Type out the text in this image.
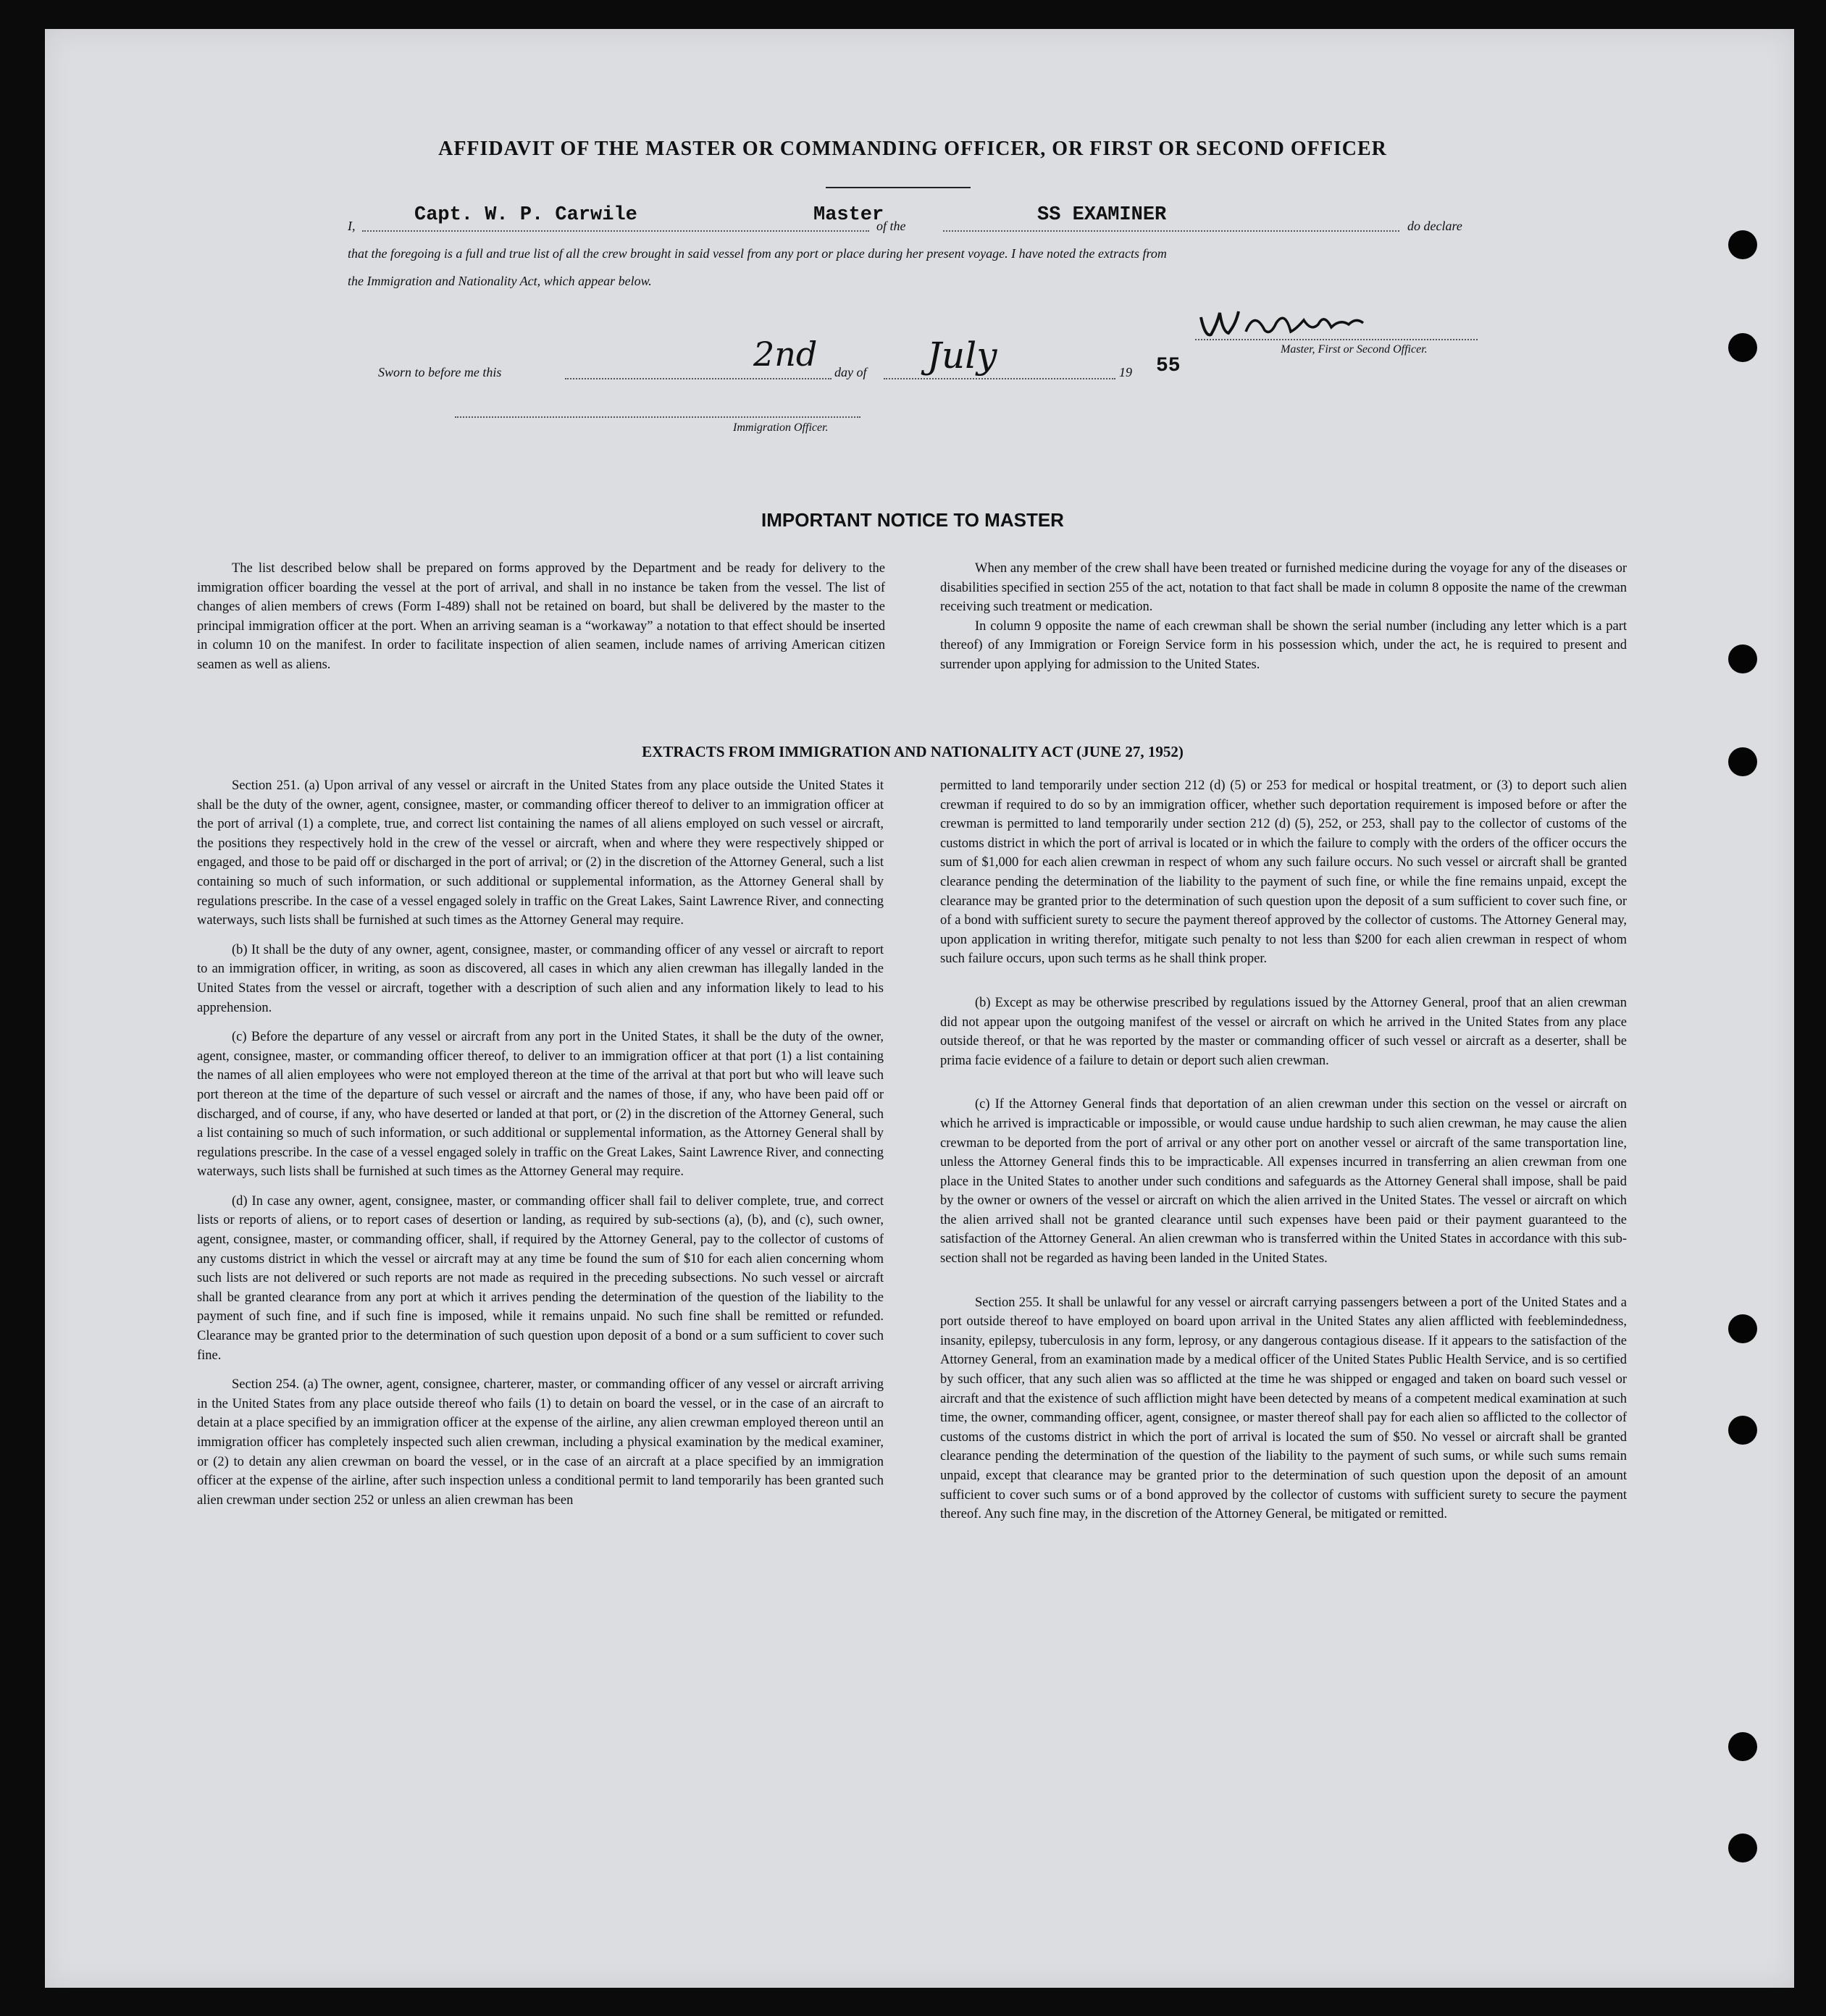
AFFIDAVIT OF THE MASTER OR COMMANDING OFFICER, OR FIRST OR SECOND OFFICER
I,	Capt. W. P. Carwile	Master
of the	SS EXAMINER	do declare
that the foregoing is a full and true list of all the crew brought in said vessel from any port or place during her present voyage. I have noted the extracts from
the Immigration and Nationality Act, which appear below.
Master, First or Second Officer.
Sworn to before me this	2nd day of July	19 55
Immigration Officer.
IMPORTANT NOTICE TO MASTER

The list described below shall be prepared on forms approved by the Department and be ready for delivery to the immigration officer boarding the vessel at the port of arrival, and shall in no instance be taken from the vessel. The list of changes of alien members of crews (Form I-489) shall not be retained on board, but shall be delivered by the master to the principal immigration officer at the port. When an arriving seaman is a “workaway” a notation to that effect should be inserted in column 10 on the manifest. In order to facilitate inspection of alien seamen, include names of arriving American citizen seamen as well as aliens.

When any member of the crew shall have been treated or furnished medicine during the voyage for any of the diseases or disabilities specified in section 255 of the act, notation to that fact shall be made in column 8 opposite the name of the crewman receiving such treatment or medication.

In column 9 opposite the name of each crewman shall be shown the serial number (including any letter which is a part thereof) of any Immigration or Foreign Service form in his possession which, under the act, he is required to present and surrender upon applying for admission to the United States.

EXTRACTS FROM IMMIGRATION AND NATIONALITY ACT (JUNE 27, 1952)

Section 251. (a) Upon arrival of any vessel or aircraft in the United States from any place outside the United States it shall be the duty of the owner, agent, consignee, master, or commanding officer thereof to deliver to an immigration officer at the port of arrival (1) a complete, true, and correct list containing the names of all aliens employed on such vessel or aircraft, the positions they respectively hold in the crew of the vessel or aircraft, when and where they were respectively shipped or engaged, and those to be paid off or discharged in the port of arrival; or (2) in the discretion of the Attorney General, such a list containing so much of such information, or such additional or supplemental information, as the Attorney General shall by regulations prescribe. In the case of a vessel engaged solely in traffic on the Great Lakes, Saint Lawrence River, and connecting waterways, such lists shall be furnished at such times as the Attorney General may require.

(b) It shall be the duty of any owner, agent, consignee, master, or commanding officer of any vessel or aircraft to report to an immigration officer, in writing, as soon as discovered, all cases in which any alien crewman has illegally landed in the United States from the vessel or aircraft, together with a description of such alien and any information likely to lead to his apprehension.

(c) Before the departure of any vessel or aircraft from any port in the United States, it shall be the duty of the owner, agent, consignee, master, or commanding officer thereof, to deliver to an immigration officer at that port (1) a list containing the names of all alien employees who were not employed thereon at the time of the arrival at that port but who will leave such port thereon at the time of the departure of such vessel or aircraft and the names of those, if any, who have been paid off or discharged, and of course, if any, who have deserted or landed at that port, or (2) in the discretion of the Attorney General, such a list containing so much of such information, or such additional or supplemental information, as the Attorney General shall by regulations prescribe. In the case of a vessel engaged solely in traffic on the Great Lakes, Saint Lawrence River, and connecting waterways, such lists shall be furnished at such times as the Attorney General may require.

(d) In case any owner, agent, consignee, master, or commanding officer shall fail to deliver complete, true, and correct lists or reports of aliens, or to report cases of desertion or landing, as required by sub-sections (a), (b), and (c), such owner, agent, consignee, master, or commanding officer, shall, if required by the Attorney General, pay to the collector of customs of any customs district in which the vessel or aircraft may at any time be found the sum of $10 for each alien concerning whom such lists are not delivered or such reports are not made as required in the preceding subsections. No such vessel or aircraft shall be granted clearance from any port at which it arrives pending the determination of the question of the liability to the payment of such fine, and if such fine is imposed, while it remains unpaid. No such fine shall be remitted or refunded. Clearance may be granted prior to the determination of such question upon deposit of a bond or a sum sufficient to cover such fine.

Section 254. (a) The owner, agent, consignee, charterer, master, or commanding officer of any vessel or aircraft arriving in the United States from any place outside thereof who fails (1) to detain on board the vessel, or in the case of an aircraft to detain at a place specified by an immigration officer at the expense of the airline, any alien crewman employed thereon until an immigration officer has completely inspected such alien crewman, including a physical examination by the medical examiner, or (2) to detain any alien crewman on board the vessel, or in the case of an aircraft at a place specified by an immigration officer at the expense of the airline, after such inspection unless a conditional permit to land temporarily has been granted such alien crewman under section 252 or unless an alien crewman has been

permitted to land temporarily under section 212 (d) (5) or 253 for medical or hospital treatment, or (3) to deport such alien crewman if required to do so by an immigration officer, whether such deportation requirement is imposed before or after the crewman is permitted to land temporarily under section 212 (d) (5), 252, or 253, shall pay to the collector of customs of the customs district in which the port of arrival is located or in which the failure to comply with the orders of the officer occurs the sum of $1,000 for each alien crewman in respect of whom any such failure occurs. No such vessel or aircraft shall be granted clearance pending the determination of the liability to the payment of such fine, or while the fine remains unpaid, except the clearance may be granted prior to the determination of such question upon the deposit of a sum sufficient to cover such fine, or of a bond with sufficient surety to secure the payment thereof approved by the collector of customs. The Attorney General may, upon application in writing therefor, mitigate such penalty to not less than $200 for each alien crewman in respect of whom such failure occurs, upon such terms as he shall think proper.

(b) Except as may be otherwise prescribed by regulations issued by the Attorney General, proof that an alien crewman did not appear upon the outgoing manifest of the vessel or aircraft on which he arrived in the United States from any place outside thereof, or that he was reported by the master or commanding officer of such vessel or aircraft as a deserter, shall be prima facie evidence of a failure to detain or deport such alien crewman.

(c) If the Attorney General finds that deportation of an alien crewman under this section on the vessel or aircraft on which he arrived is impracticable or impossible, or would cause undue hardship to such alien crewman, he may cause the alien crewman to be deported from the port of arrival or any other port on another vessel or aircraft of the same transportation line, unless the Attorney General finds this to be impracticable. All expenses incurred in transferring an alien crewman from one place in the United States to another under such conditions and safeguards as the Attorney General shall impose, shall be paid by the owner or owners of the vessel or aircraft on which the alien arrived in the United States. The vessel or aircraft on which the alien arrived shall not be granted clearance until such expenses have been paid or their payment guaranteed to the satisfaction of the Attorney General. An alien crewman who is transferred within the United States in accordance with this sub-section shall not be regarded as having been landed in the United States.

Section 255. It shall be unlawful for any vessel or aircraft carrying passengers between a port of the United States and a port outside thereof to have employed on board upon arrival in the United States any alien afflicted with feeblemindedness, insanity, epilepsy, tuberculosis in any form, leprosy, or any dangerous contagious disease. If it appears to the satisfaction of the Attorney General, from an examination made by a medical officer of the United States Public Health Service, and is so certified by such officer, that any such alien was so afflicted at the time he was shipped or engaged and taken on board such vessel or aircraft and that the existence of such affliction might have been detected by means of a competent medical examination at such time, the owner, commanding officer, agent, consignee, or master thereof shall pay for each alien so afflicted to the collector of customs of the customs district in which the port of arrival is located the sum of $50. No vessel or aircraft shall be granted clearance pending the determination of the question of the liability to the payment of such sums, or while such sums remain unpaid, except that clearance may be granted prior to the determination of such question upon the deposit of an amount sufficient to cover such sums or of a bond approved by the collector of customs with sufficient surety to secure the payment thereof. Any such fine may, in the discretion of the Attorney General, be mitigated or remitted.
